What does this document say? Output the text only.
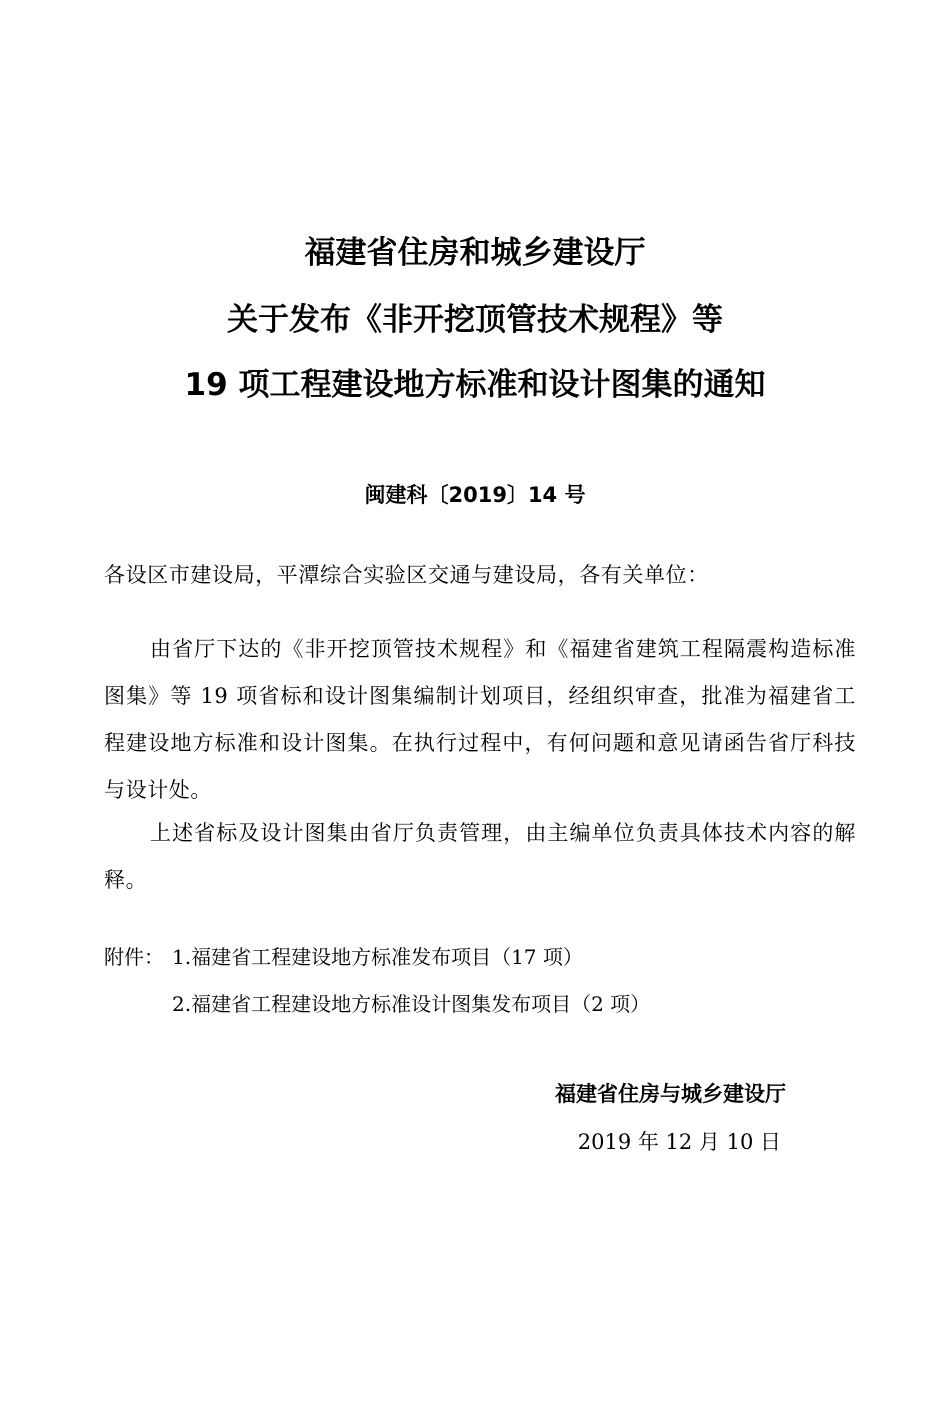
福建省住房和城乡建设厅
关于发布《非开挖顶管技术规程》等
19 项工程建设地方标准和设计图集的通知
闽建科〔2019〕14 号
各设区市建设局，平潭综合实验区交通与建设局，各有关单位：
由省厅下达的《非开挖顶管技术规程》和《福建省建筑工程隔震构造标准图集》等 19 项省标和设计图集编制计划项目，经组织审查，批准为福建省工程建设地方标准和设计图集。在执行过程中，有何问题和意见请函告省厅科技与设计处。
上述省标及设计图集由省厅负责管理，由主编单位负责具体技术内容的解释。
附件： 1.福建省工程建设地方标准发布项目（17 项）
2.福建省工程建设地方标准设计图集发布项目（2 项）
福建省住房与城乡建设厅
2019 年 12 月 10 日
